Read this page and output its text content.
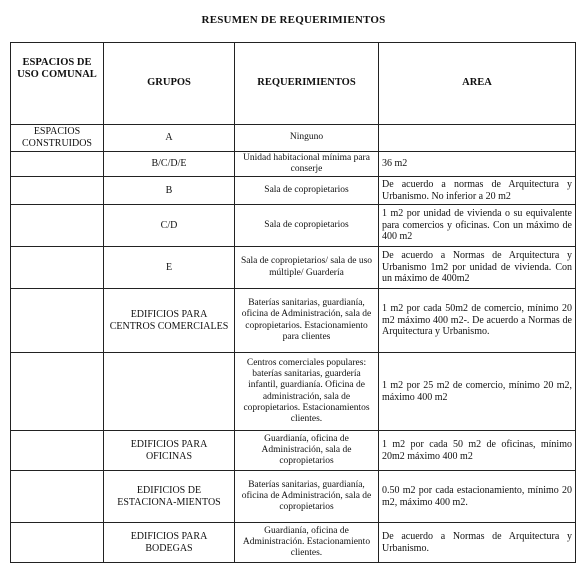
RESUMEN DE REQUERIMIENTOS
ESPACIOS DE USO COMUNAL	GRUPOS	REQUERIMIENTOS	AREA
ESPACIOS CONSTRUIDOS	A	Ninguno	
	B/C/D/E	Unidad habitacional mínima para conserje	36 m2
	B	Sala de copropietarios	De acuerdo a normas de Arquitectura y Urbanismo. No inferior a 20 m2
	C/D	Sala de copropietarios	1 m2 por unidad de vivienda o su equivalente para comercios y oficinas. Con un máximo de 400 m2
	E	Sala de copropietarios/ sala de uso múltiple/ Guardería	De acuerdo a Normas de Arquitectura y Urbanismo 1m2 por unidad de vivienda. Con un máximo de 400m2
	EDIFICIOS PARA CENTROS COMERCIALES	Baterías sanitarias, guardianía, oficina de Administración, sala de copropietarios. Estacionamiento para clientes	1 m2 por cada 50m2 de comercio, mínimo 20 m2 máximo 400 m2-. De acuerdo a Normas de Arquitectura y Urbanismo.
		Centros comerciales populares: baterías sanitarias, guardería infantil, guardianía. Oficina de administración, sala de copropietarios. Estacionamientos clientes.	1 m2 por 25 m2 de comercio, mínimo 20 m2, máximo 400 m2
	EDIFICIOS PARA OFICINAS	Guardianía, oficina de Administración, sala de copropietarios	1 m2 por cada 50 m2 de oficinas, mínimo 20m2 máximo 400 m2
	EDIFICIOS DE ESTACIONA-MIENTOS	Baterías sanitarias, guardianía, oficina de Administración, sala de copropietarios	0.50 m2 por cada estacionamiento, mínimo 20 m2, máximo 400 m2.
	EDIFICIOS PARA BODEGAS	Guardianía, oficina de Administración. Estacionamiento clientes.	De acuerdo a Normas de Arquitectura y Urbanismo.
